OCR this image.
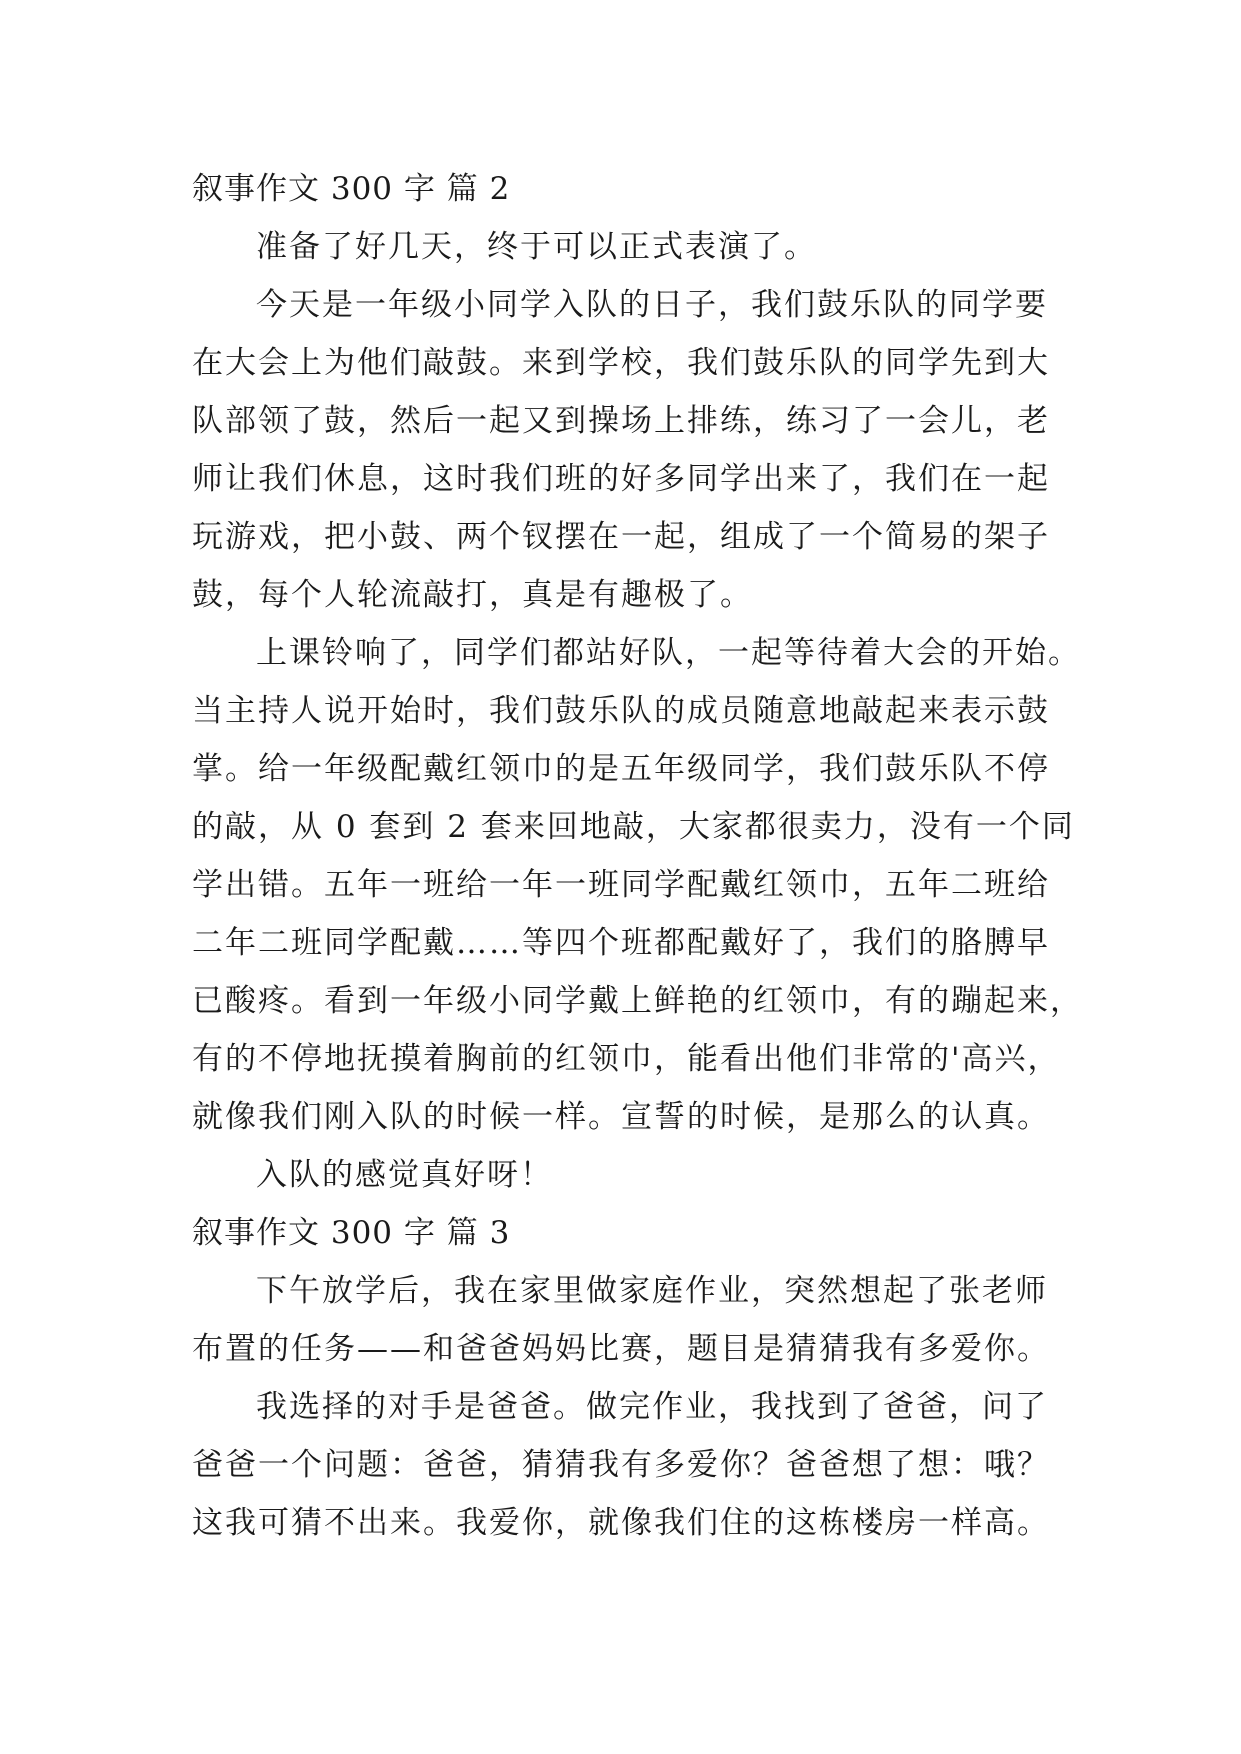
叙事作文 300 字 篇 2
准备了好几天，终于可以正式表演了。
今天是一年级小同学入队的日子，我们鼓乐队的同学要
在大会上为他们敲鼓。来到学校，我们鼓乐队的同学先到大
队部领了鼓，然后一起又到操场上排练，练习了一会儿，老
师让我们休息，这时我们班的好多同学出来了，我们在一起
玩游戏，把小鼓、两个钗摆在一起，组成了一个简易的架子
鼓，每个人轮流敲打，真是有趣极了。
上课铃响了，同学们都站好队，一起等待着大会的开始。
当主持人说开始时，我们鼓乐队的成员随意地敲起来表示鼓
掌。给一年级配戴红领巾的是五年级同学，我们鼓乐队不停
的敲，从 0 套到 2 套来回地敲，大家都很卖力，没有一个同
学出错。五年一班给一年一班同学配戴红领巾，五年二班给
二年二班同学配戴……等四个班都配戴好了，我们的胳膊早
已酸疼。看到一年级小同学戴上鲜艳的红领巾，有的蹦起来，
有的不停地抚摸着胸前的红领巾，能看出他们非常的'高兴，
就像我们刚入队的时候一样。宣誓的时候，是那么的认真。
入队的感觉真好呀！
叙事作文 300 字 篇 3
下午放学后，我在家里做家庭作业，突然想起了张老师
布置的任务——和爸爸妈妈比赛，题目是猜猜我有多爱你。
我选择的对手是爸爸。做完作业，我找到了爸爸，问了
爸爸一个问题：爸爸，猜猜我有多爱你？爸爸想了想：哦？
这我可猜不出来。我爱你，就像我们住的这栋楼房一样高。
